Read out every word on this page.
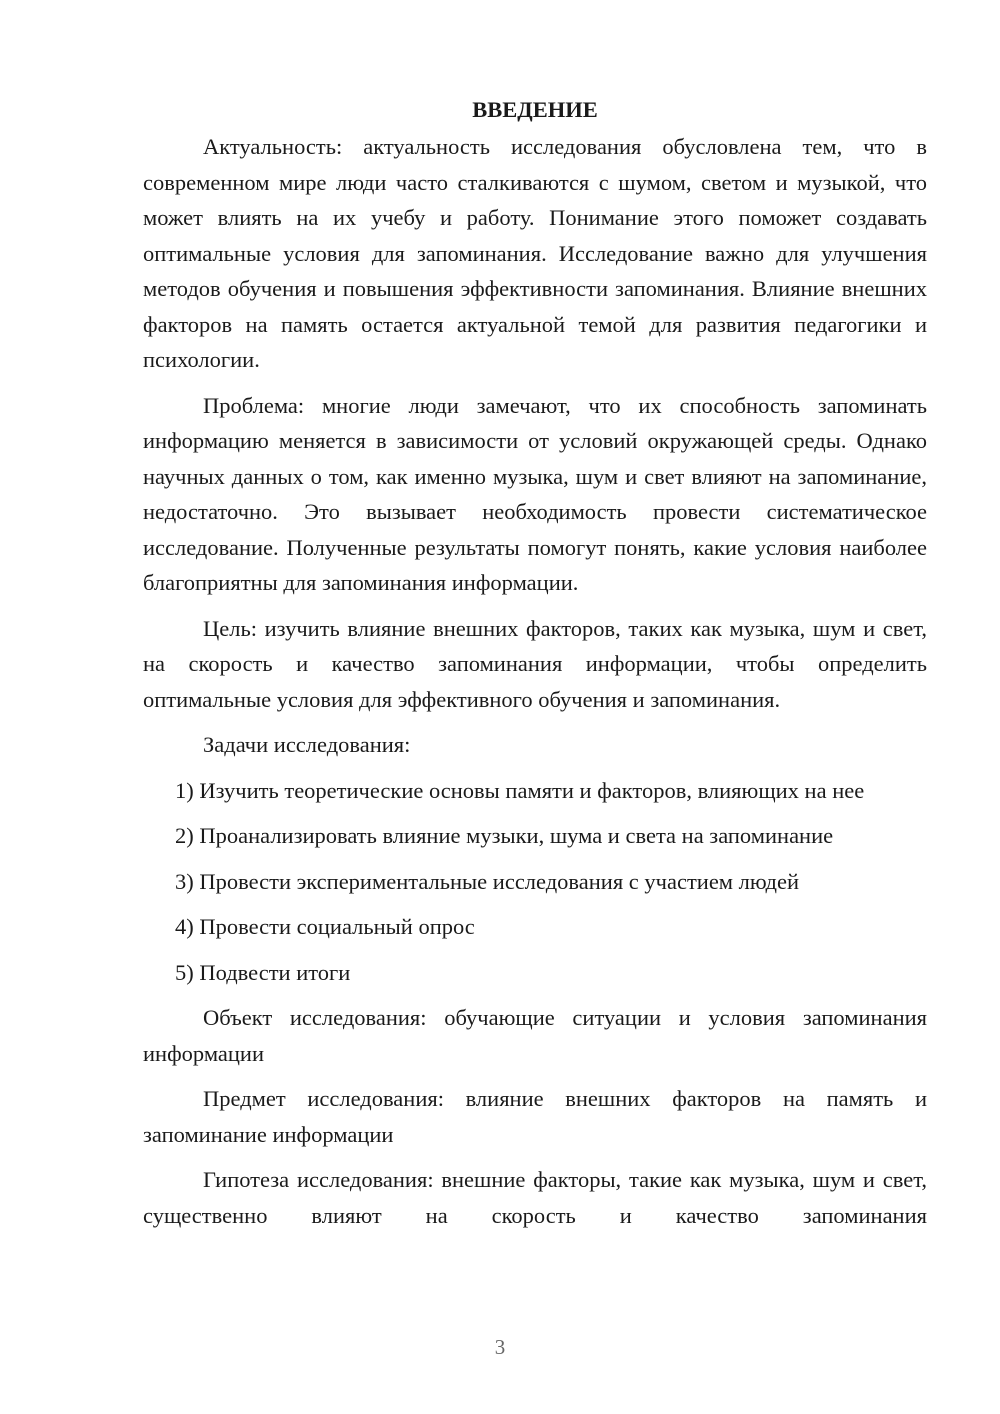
ВВЕДЕНИЕ

Актуальность: актуальность исследования обусловлена тем, что в современном мире люди часто сталкиваются с шумом, светом и музыкой, что может влиять на их учебу и работу. Понимание этого поможет создавать оптимальные условия для запоминания. Исследование важно для улучшения методов обучения и повышения эффективности запоминания. Влияние внешних факторов на память остается актуальной темой для развития педагогики и психологии.

Проблема: многие люди замечают, что их способность запоминать информацию меняется в зависимости от условий окружающей среды. Однако научных данных о том, как именно музыка, шум и свет влияют на запоминание, недостаточно. Это вызывает необходимость провести систематическое исследование. Полученные результаты помогут понять, какие условия наиболее благоприятны для запоминания информации.

Цель: изучить влияние внешних факторов, таких как музыка, шум и свет, на скорость и качество запоминания информации, чтобы определить оптимальные условия для эффективного обучения и запоминания.

Задачи исследования:

1) Изучить теоретические основы памяти и факторов, влияющих на нее

2) Проанализировать влияние музыки, шума и света на запоминание

3) Провести экспериментальные исследования с участием людей

4) Провести социальный опрос

5) Подвести итоги

Объект исследования: обучающие ситуации и условия запоминания информации

Предмет исследования: влияние внешних факторов на память и запоминание информации

Гипотеза исследования: внешние факторы, такие как музыка, шум и свет, существенно влияют на скорость и качество запоминания

3
